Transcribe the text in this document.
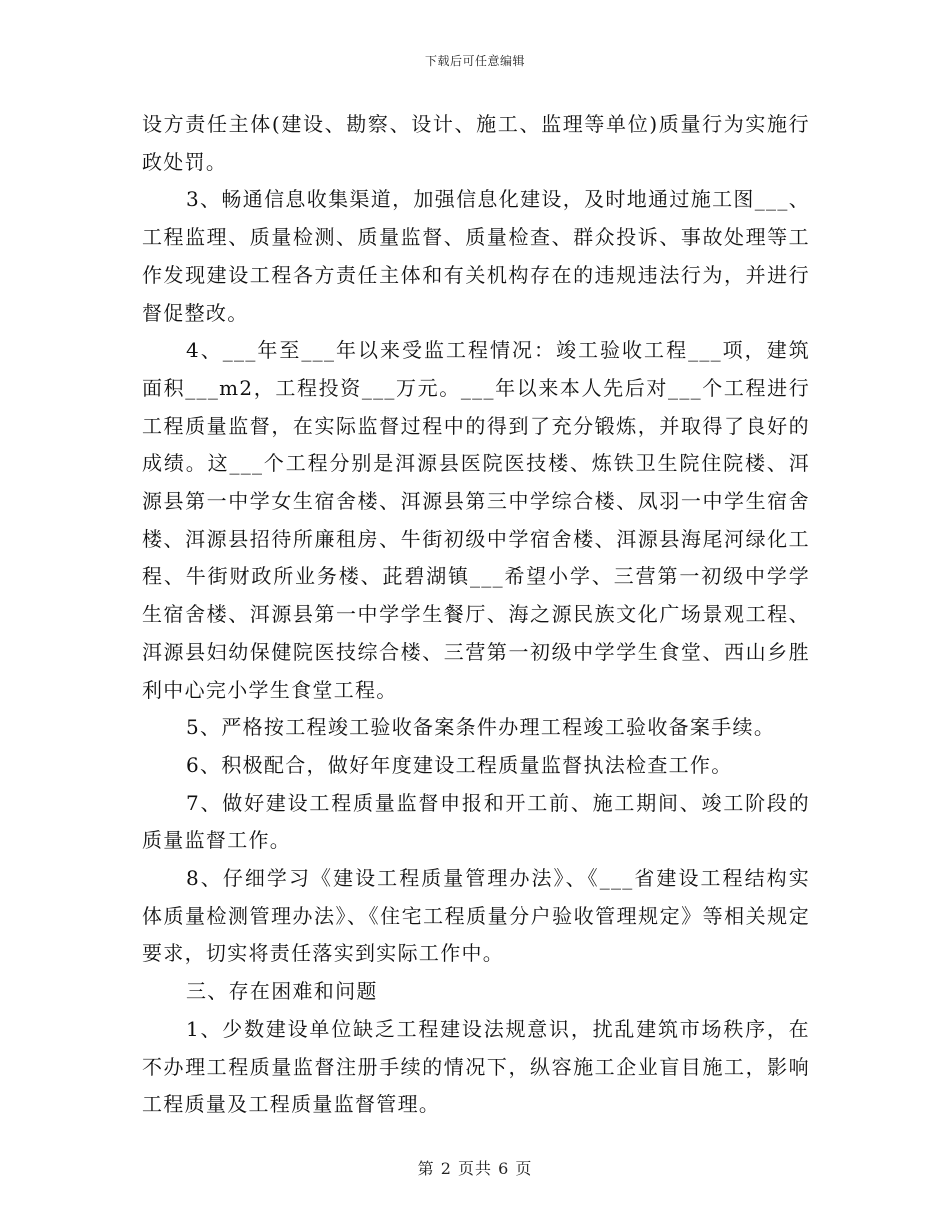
下载后可任意编辑

设方责任主体(建设、勘察、设计、施工、监理等单位)质量行为实施行政处罚。

3、畅通信息收集渠道，加强信息化建设，及时地通过施工图___、工程监理、质量检测、质量监督、质量检查、群众投诉、事故处理等工作发现建设工程各方责任主体和有关机构存在的违规违法行为，并进行督促整改。

4、___年至___年以来受监工程情况：竣工验收工程___项，建筑面积___m2，工程投资___万元。___年以来本人先后对___个工程进行工程质量监督，在实际监督过程中的得到了充分锻炼，并取得了良好的成绩。这___个工程分别是洱源县医院医技楼、炼铁卫生院住院楼、洱源县第一中学女生宿舍楼、洱源县第三中学综合楼、凤羽一中学生宿舍楼、洱源县招待所廉租房、牛街初级中学宿舍楼、洱源县海尾河绿化工程、牛街财政所业务楼、茈碧湖镇___希望小学、三营第一初级中学学生宿舍楼、洱源县第一中学学生餐厅、海之源民族文化广场景观工程、洱源县妇幼保健院医技综合楼、三营第一初级中学学生食堂、西山乡胜利中心完小学生食堂工程。

5、严格按工程竣工验收备案条件办理工程竣工验收备案手续。

6、积极配合，做好年度建设工程质量监督执法检查工作。

7、做好建设工程质量监督申报和开工前、施工期间、竣工阶段的质量监督工作。

8、仔细学习《建设工程质量管理办法》、《___省建设工程结构实体质量检测管理办法》、《住宅工程质量分户验收管理规定》等相关规定要求，切实将责任落实到实际工作中。

三、存在困难和问题

1、少数建设单位缺乏工程建设法规意识，扰乱建筑市场秩序，在不办理工程质量监督注册手续的情况下，纵容施工企业盲目施工，影响工程质量及工程质量监督管理。

第 2 页共 6 页
